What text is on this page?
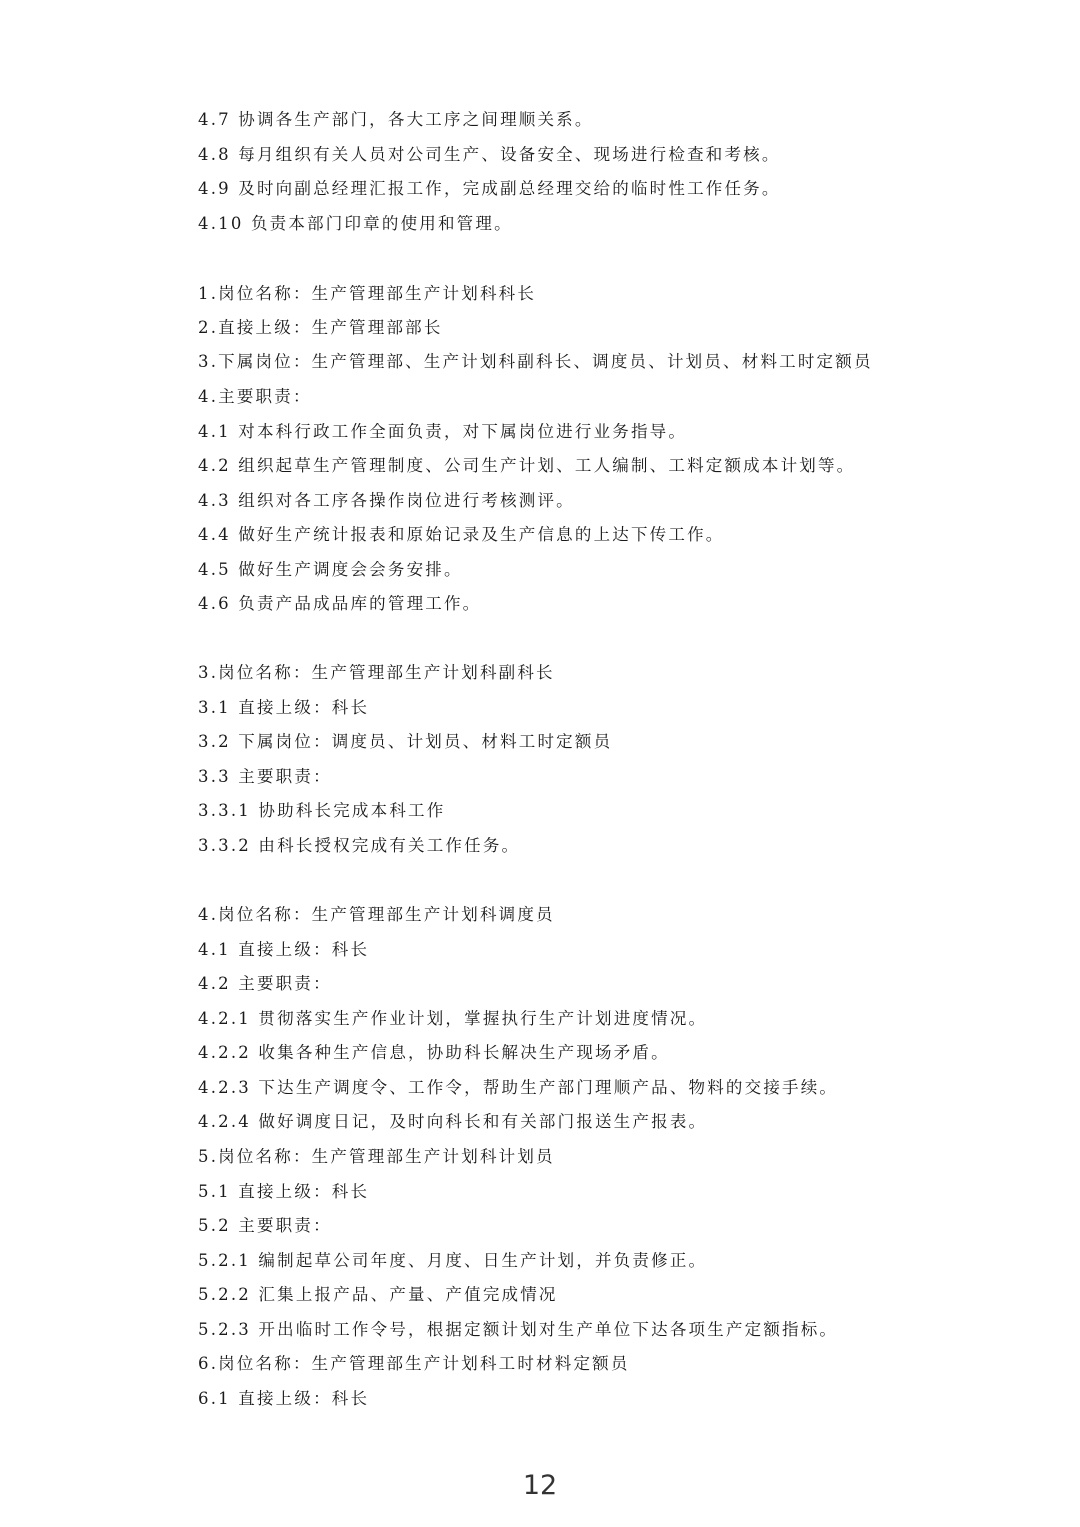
4.7 协调各生产部门，各大工序之间理顺关系。
4.8 每月组织有关人员对公司生产、设备安全、现场进行检查和考核。
4.9 及时向副总经理汇报工作，完成副总经理交给的临时性工作任务。
4.10 负责本部门印章的使用和管理。
1.岗位名称：生产管理部生产计划科科长
2.直接上级：生产管理部部长
3.下属岗位：生产管理部、生产计划科副科长、调度员、计划员、材料工时定额员
4.主要职责：
4.1 对本科行政工作全面负责，对下属岗位进行业务指导。
4.2 组织起草生产管理制度、公司生产计划、工人编制、工料定额成本计划等。
4.3 组织对各工序各操作岗位进行考核测评。
4.4 做好生产统计报表和原始记录及生产信息的上达下传工作。
4.5 做好生产调度会会务安排。
4.6 负责产品成品库的管理工作。
3.岗位名称：生产管理部生产计划科副科长
3.1 直接上级：科长
3.2 下属岗位：调度员、计划员、材料工时定额员
3.3 主要职责：
3.3.1 协助科长完成本科工作
3.3.2 由科长授权完成有关工作任务。
4.岗位名称：生产管理部生产计划科调度员
4.1 直接上级：科长
4.2 主要职责：
4.2.1 贯彻落实生产作业计划，掌握执行生产计划进度情况。
4.2.2 收集各种生产信息，协助科长解决生产现场矛盾。
4.2.3 下达生产调度令、工作令，帮助生产部门理顺产品、物料的交接手续。
4.2.4 做好调度日记，及时向科长和有关部门报送生产报表。
5.岗位名称：生产管理部生产计划科计划员
5.1 直接上级：科长
5.2 主要职责：
5.2.1 编制起草公司年度、月度、日生产计划，并负责修正。
5.2.2 汇集上报产品、产量、产值完成情况
5.2.3 开出临时工作令号，根据定额计划对生产单位下达各项生产定额指标。
6.岗位名称：生产管理部生产计划科工时材料定额员
6.1 直接上级：科长
12
